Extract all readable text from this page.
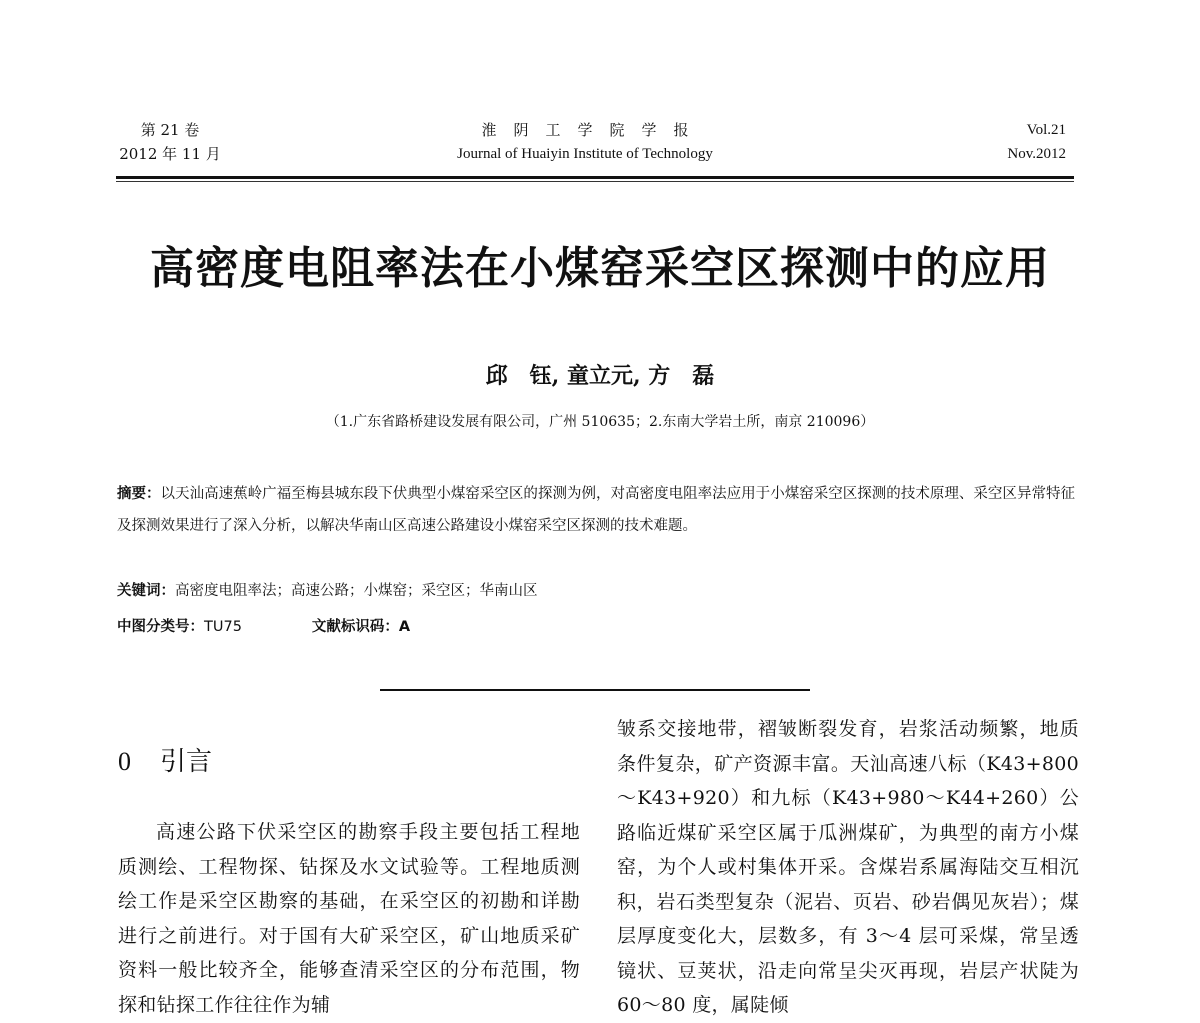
第 21 卷
2012 年 11 月
淮阴工学院学报
Journal of Huaiyin Institute of Technology
Vol.21
Nov.2012
高密度电阻率法在小煤窑采空区探测中的应用
邱　钰, 童立元, 方　磊
（1.广东省路桥建设发展有限公司，广州 510635；2.东南大学岩土所，南京 210096）
摘要：以天汕高速蕉岭广福至梅县城东段下伏典型小煤窑采空区的探测为例，对高密度电阻率法应用于小煤窑采空区探测的技术原理、采空区异常特征及探测效果进行了深入分析，以解决华南山区高速公路建设小煤窑采空区探测的技术难题。
关键词：高密度电阻率法；高速公路；小煤窑；采空区；华南山区
中图分类号：TU75	文献标识码：A
0 引言

高速公路下伏采空区的勘察手段主要包括工程地质测绘、工程物探、钻探及水文试验等。工程地质测绘工作是采空区勘察的基础，在采空区的初勘和详勘进行之前进行。对于国有大矿采空区，矿山地质采矿资料一般比较齐全，能够查清采空区的分布范围，物探和钻探工作往往作为辅

皱系交接地带，褶皱断裂发育，岩浆活动频繁，地质条件复杂，矿产资源丰富。天汕高速八标（K43+800～K43+920）和九标（K43+980～K44+260）公路临近煤矿采空区属于瓜洲煤矿，为典型的南方小煤窑，为个人或村集体开采。含煤岩系属海陆交互相沉积，岩石类型复杂（泥岩、页岩、砂岩偶见灰岩）；煤层厚度变化大，层数多，有 3～4 层可采煤，常呈透镜状、豆荚状，沿走向常呈尖灭再现，岩层产状陡为 60～80 度，属陡倾
